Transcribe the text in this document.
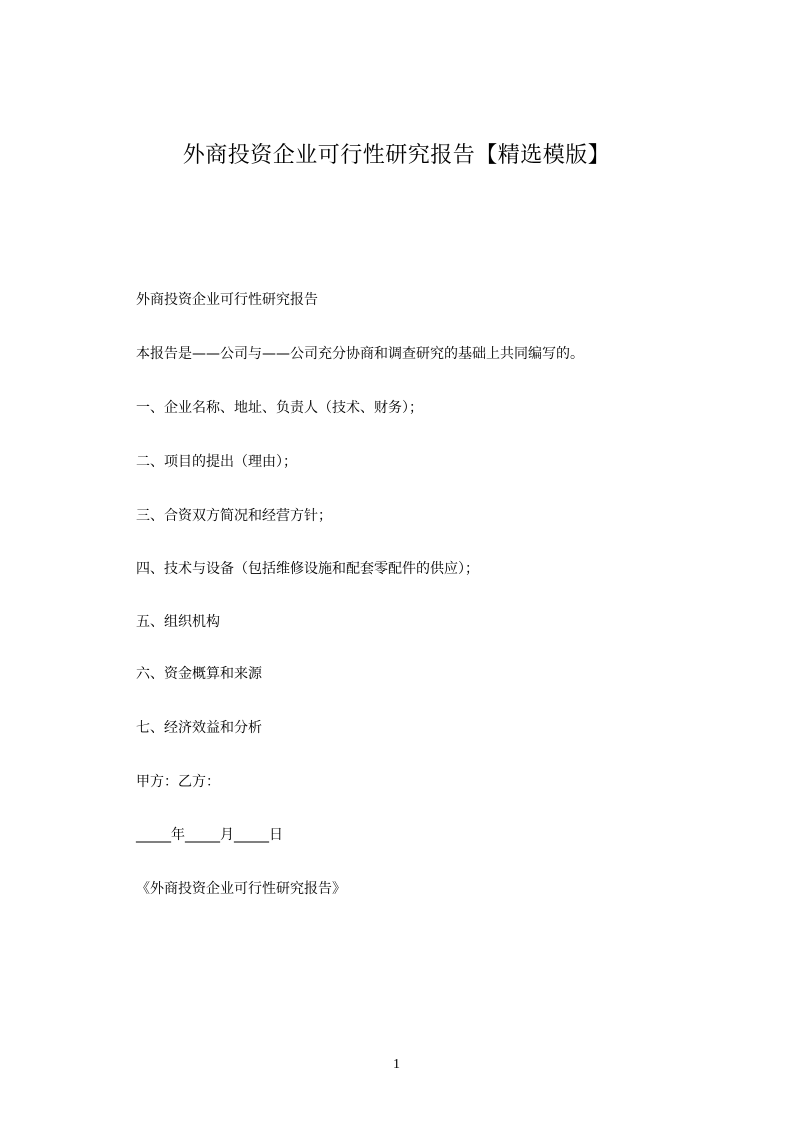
外商投资企业可行性研究报告【精选模版】
外商投资企业可行性研究报告
本报告是——公司与——公司充分协商和调查研究的基础上共同编写的。
一、企业名称、地址、负责人（技术、财务）；
二、项目的提出（理由）；
三、合资双方简况和经营方针；
四、技术与设备（包括维修设施和配套零配件的供应）；
五、组织机构
六、资金概算和来源
七、经济效益和分析
甲方：乙方：
_____年_____月_____日
《外商投资企业可行性研究报告》
1
